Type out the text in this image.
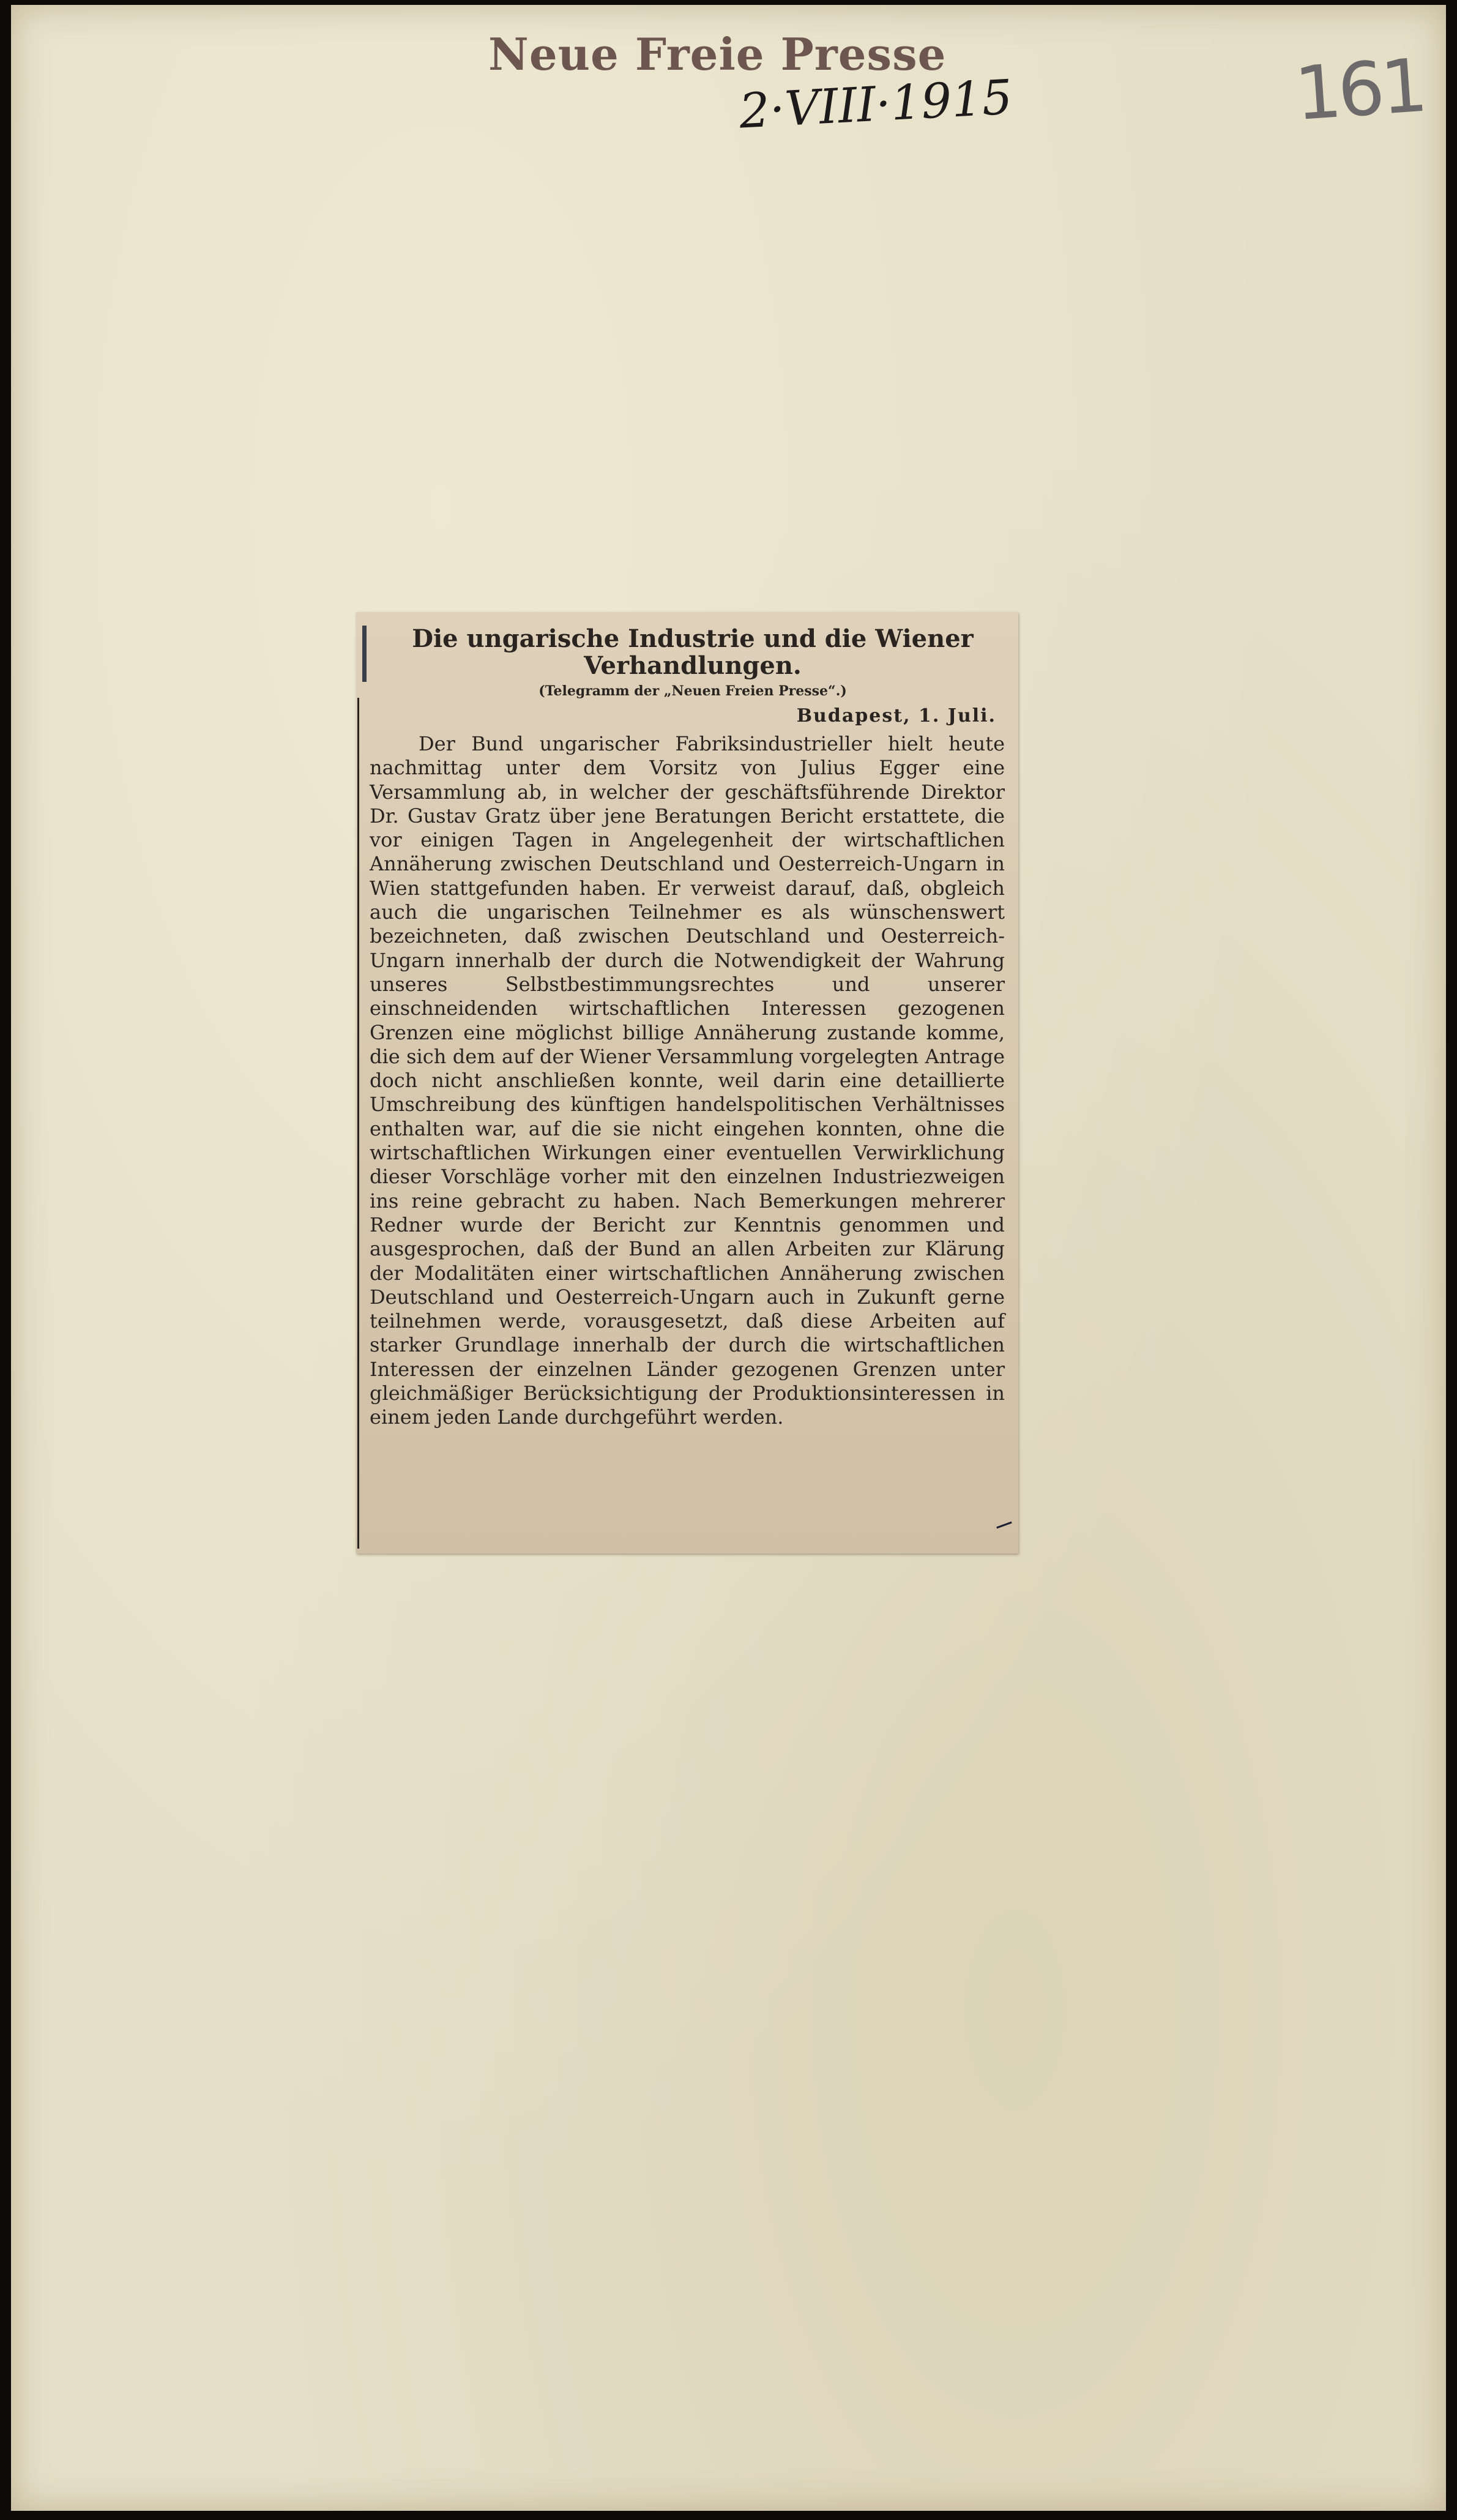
Neue Freie Presse
2·VIII·1915	161
Die ungarische Industrie und die Wiener Verhandlungen.
(Telegramm der „Neuen Freien Presse“.)
Budapest, 1. Juli.

Der Bund ungarischer Fabriksindustrieller hielt heute nachmittag unter dem Vorsitz von Julius Egger eine Versammlung ab, in welcher der geschäftsführende Direktor Dr. Gustav Gratz über jene Beratungen Bericht erstattete, die vor einigen Tagen in Angelegenheit der wirtschaftlichen Annäherung zwischen Deutschland und Oesterreich-Ungarn in Wien stattgefunden haben. Er verweist darauf, daß, obgleich auch die ungarischen Teilnehmer es als wünschenswert bezeichneten, daß zwischen Deutschland und Oesterreich-Ungarn innerhalb der durch die Notwendigkeit der Wahrung unseres Selbstbestimmungsrechtes und unserer einschneidenden wirtschaftlichen Interessen gezogenen Grenzen eine möglichst billige Annäherung zustande komme, die sich dem auf der Wiener Versammlung vorgelegten Antrage doch nicht anschließen konnte, weil darin eine detaillierte Umschreibung des künftigen handelspolitischen Verhältnisses enthalten war, auf die sie nicht eingehen konnten, ohne die wirtschaftlichen Wirkungen einer eventuellen Verwirklichung dieser Vorschläge vorher mit den einzelnen Industriezweigen ins reine gebracht zu haben. Nach Bemerkungen mehrerer Redner wurde der Bericht zur Kenntnis genommen und ausgesprochen, daß der Bund an allen Arbeiten zur Klärung der Modalitäten einer wirtschaftlichen Annäherung zwischen Deutschland und Oesterreich-Ungarn auch in Zukunft gerne teilnehmen werde, vorausgesetzt, daß diese Arbeiten auf starker Grundlage innerhalb der durch die wirtschaftlichen Interessen der einzelnen Länder gezogenen Grenzen unter gleichmäßiger Berücksichtigung der Produktionsinteressen in einem jeden Lande durchgeführt werden.
